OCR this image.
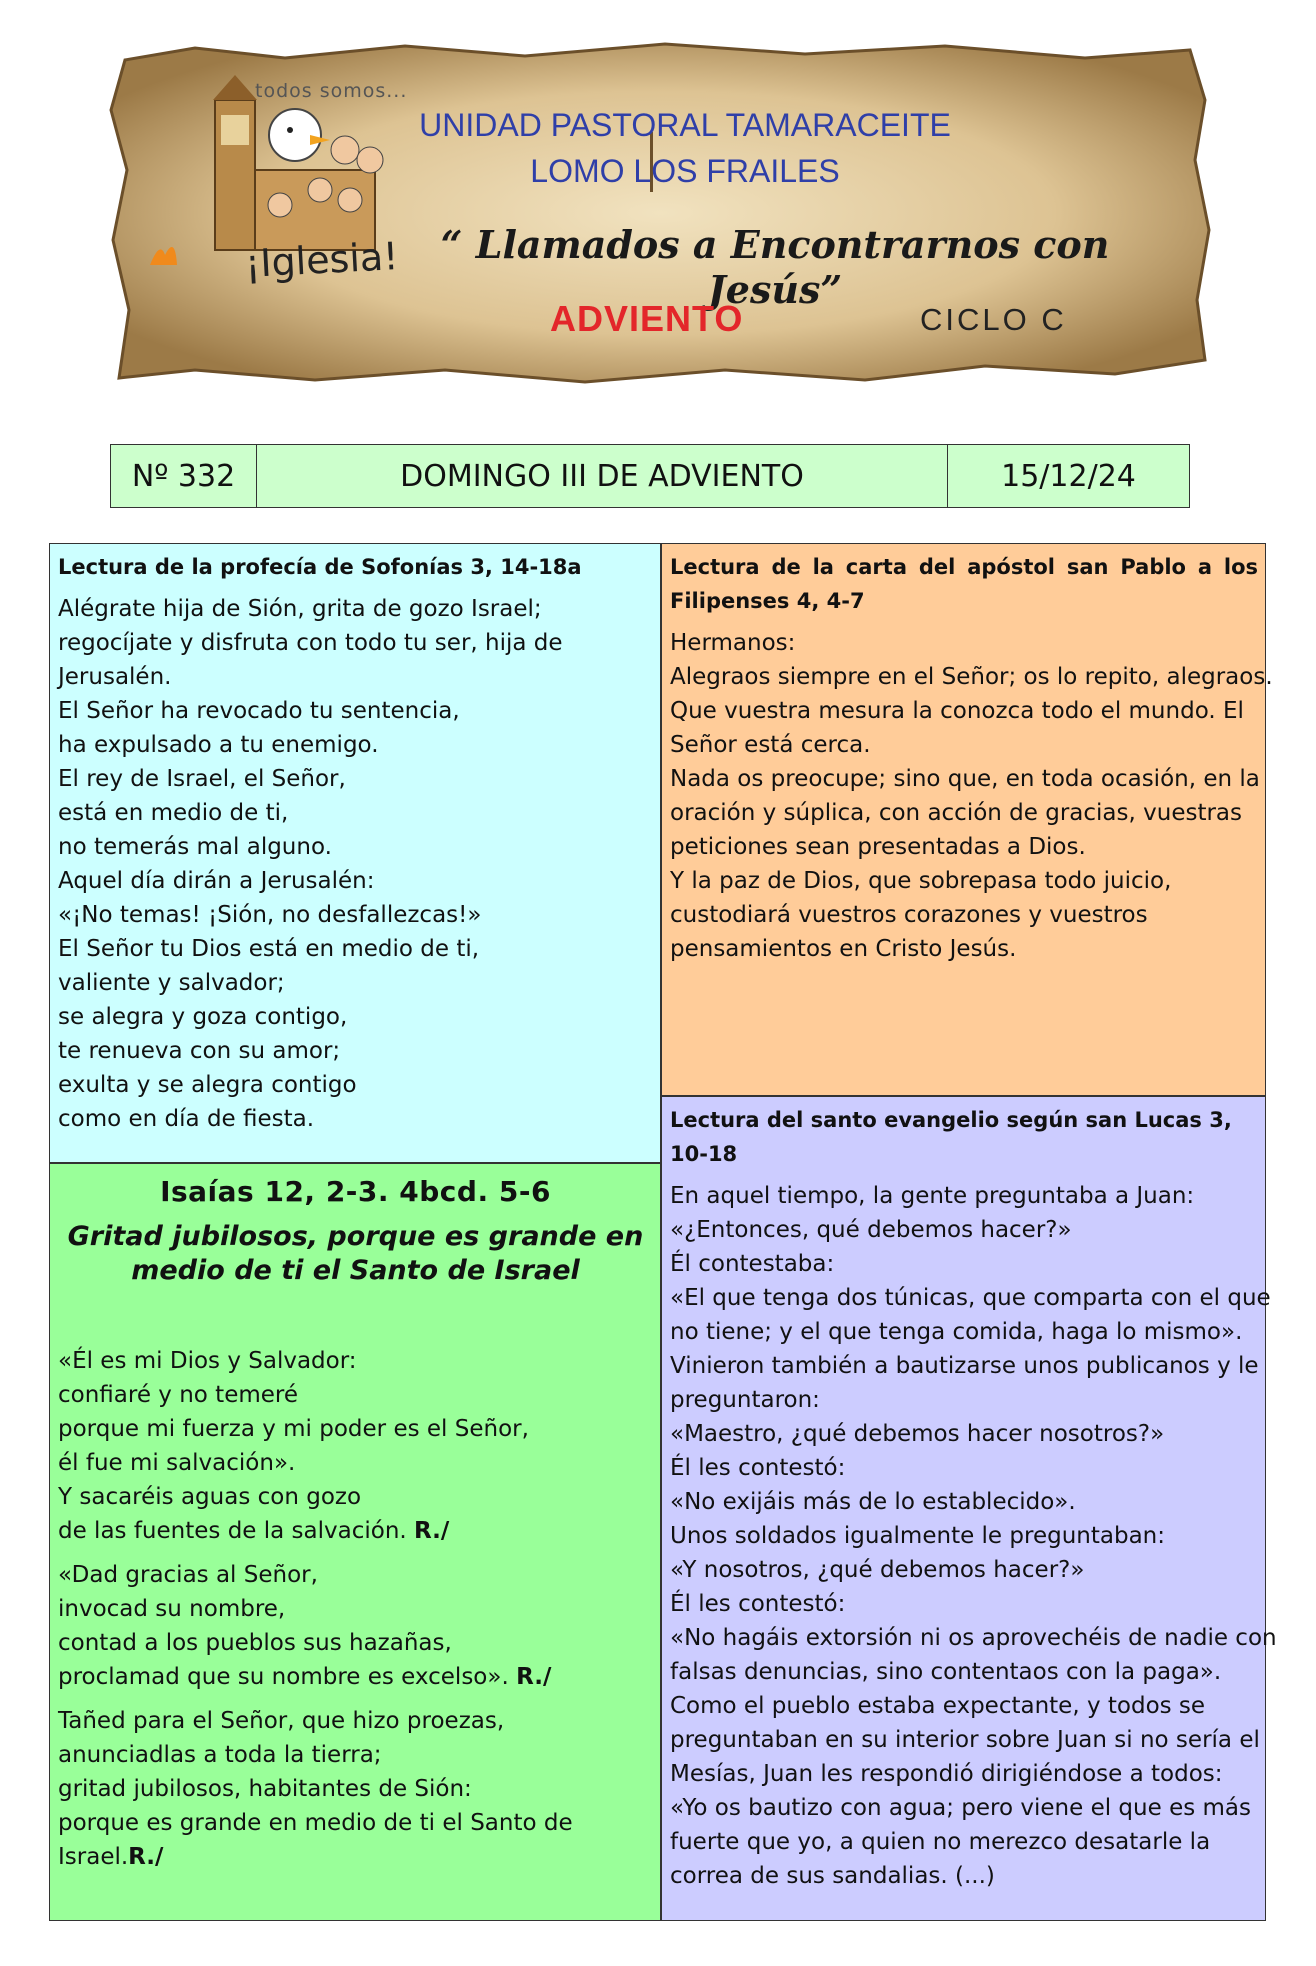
todos somos...
¡Iglesia!
UNIDAD PASTORAL TAMARACEITE
LOMO LOS FRAILES
“ Llamados a Encontrarnos con Jesús”
ADVIENTO	CICLO C
Nº 332	DOMINGO III DE ADVIENTO	15/12/24
Lectura de la profecía de Sofonías 3, 14-18a
Alégrate hija de Sión, grita de gozo Israel;
regocíjate y disfruta con todo tu ser, hija de
Jerusalén.
El Señor ha revocado tu sentencia,
ha expulsado a tu enemigo.
El rey de Israel, el Señor,
está en medio de ti,
no temerás mal alguno.
Aquel día dirán a Jerusalén:
«¡No temas! ¡Sión, no desfallezcas!»
El Señor tu Dios está en medio de ti,
valiente y salvador;
se alegra y goza contigo,
te renueva con su amor;
exulta y se alegra contigo
como en día de fiesta.
Lectura de la carta del apóstol san Pablo a los Filipenses 4, 4-7
Hermanos:
Alegraos siempre en el Señor; os lo repito, alegraos.
Que vuestra mesura la conozca todo el mundo. El
Señor está cerca.
Nada os preocupe; sino que, en toda ocasión, en la
oración y súplica, con acción de gracias, vuestras
peticiones sean presentadas a Dios.
Y la paz de Dios, que sobrepasa todo juicio,
custodiará vuestros corazones y vuestros
pensamientos en Cristo Jesús.
Isaías 12, 2-3. 4bcd. 5-6
Gritad jubilosos, porque es grande en medio de ti el Santo de Israel
«Él es mi Dios y Salvador:
confiaré y no temeré
porque mi fuerza y mi poder es el Señor,
él fue mi salvación».
Y sacaréis aguas con gozo
de las fuentes de la salvación. R./
«Dad gracias al Señor,
invocad su nombre,
contad a los pueblos sus hazañas,
proclamad que su nombre es excelso». R./
Tañed para el Señor, que hizo proezas,
anunciadlas a toda la tierra;
gritad jubilosos, habitantes de Sión:
porque es grande en medio de ti el Santo de
Israel.R./
Lectura del santo evangelio según san Lucas 3, 10-18
En aquel tiempo, la gente preguntaba a Juan:
«¿Entonces, qué debemos hacer?»
Él contestaba:
«El que tenga dos túnicas, que comparta con el que
no tiene; y el que tenga comida, haga lo mismo».
Vinieron también a bautizarse unos publicanos y le
preguntaron:
«Maestro, ¿qué debemos hacer nosotros?»
Él les contestó:
«No exijáis más de lo establecido».
Unos soldados igualmente le preguntaban:
«Y nosotros, ¿qué debemos hacer?»
Él les contestó:
«No hagáis extorsión ni os aprovechéis de nadie con
falsas denuncias, sino contentaos con la paga».
Como el pueblo estaba expectante, y todos se
preguntaban en su interior sobre Juan si no sería el
Mesías, Juan les respondió dirigiéndose a todos:
«Yo os bautizo con agua; pero viene el que es más
fuerte que yo, a quien no merezco desatarle la
correa de sus sandalias. (...)
